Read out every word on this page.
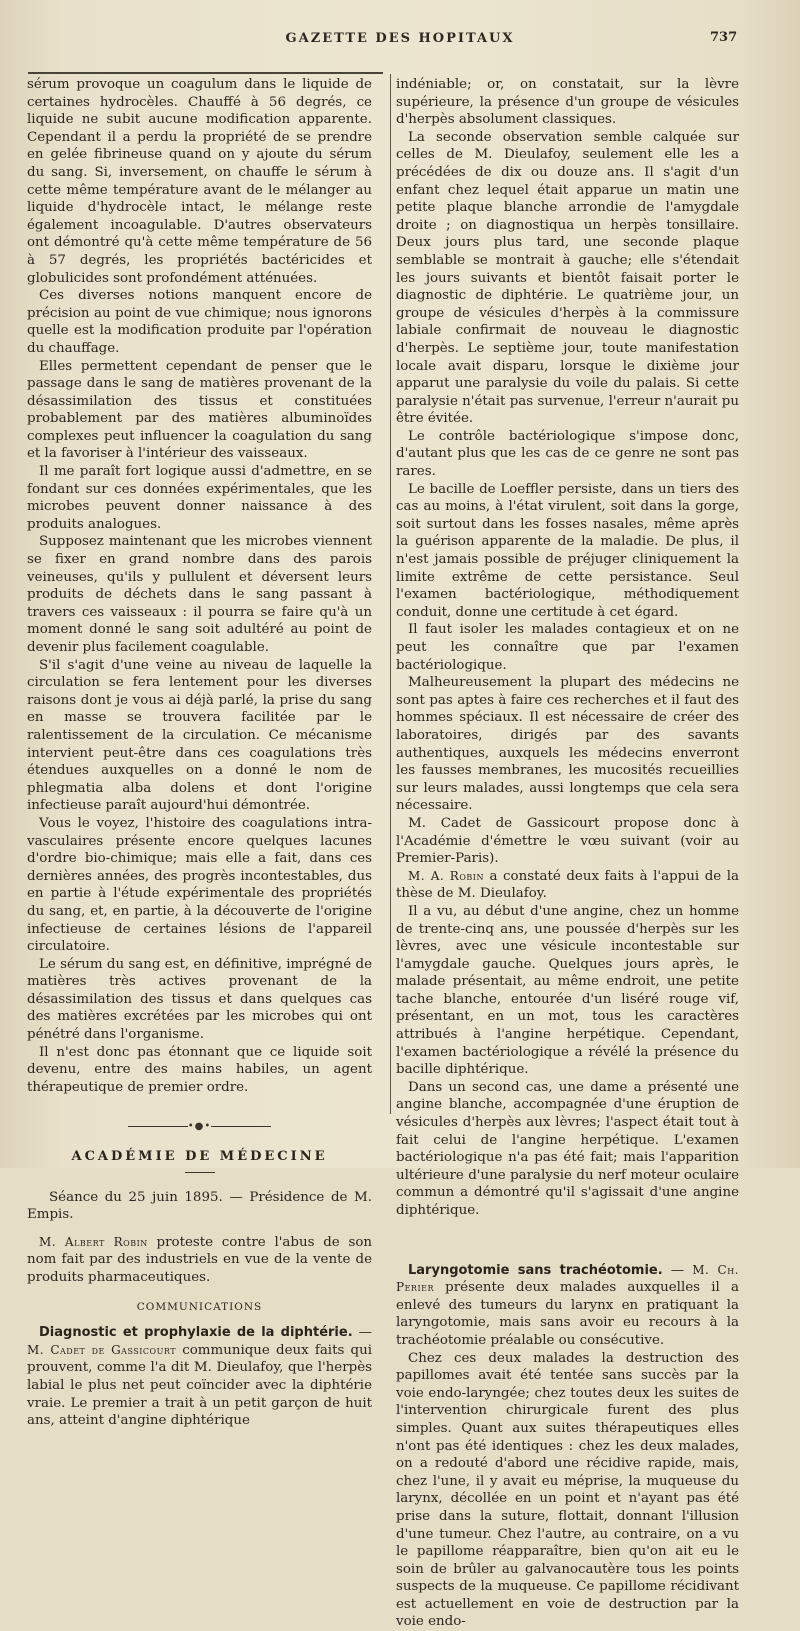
GAZETTE DES HOPITAUX	737

sérum provoque un coagulum dans le liquide de certaines hydrocèles. Chauffé à 56 degrés, ce liquide ne subit aucune modification apparente. Cependant il a perdu la propriété de se prendre en gelée fibrineuse quand on y ajoute du sérum du sang. Si, inversement, on chauffe le sérum à cette même température avant de le mélanger au liquide d'hydrocèle intact, le mélange reste également incoagulable. D'autres observateurs ont démontré qu'à cette même température de 56 à 57 degrés, les propriétés bactéricides et globulicides sont profondément atténuées.

Ces diverses notions manquent encore de précision au point de vue chimique; nous ignorons quelle est la modification produite par l'opération du chauffage.

Elles permettent cependant de penser que le passage dans le sang de matières provenant de la désassimilation des tissus et constituées probablement par des matières albuminoïdes complexes peut influencer la coagulation du sang et la favoriser à l'intérieur des vaisseaux.

Il me paraît fort logique aussi d'admettre, en se fondant sur ces données expérimentales, que les microbes peuvent donner naissance à des produits analogues.

Supposez maintenant que les microbes viennent se fixer en grand nombre dans des parois veineuses, qu'ils y pullulent et déversent leurs produits de déchets dans le sang passant à travers ces vaisseaux : il pourra se faire qu'à un moment donné le sang soit adultéré au point de devenir plus facilement coagulable.

S'il s'agit d'une veine au niveau de laquelle la circulation se fera lentement pour les diverses raisons dont je vous ai déjà parlé, la prise du sang en masse se trouvera facilitée par le ralentissement de la circulation. Ce mécanisme intervient peut-être dans ces coagulations très étendues auxquelles on a donné le nom de phlegmatia alba dolens et dont l'origine infectieuse paraît aujourd'hui démontrée.

Vous le voyez, l'histoire des coagulations intra-vasculaires présente encore quelques lacunes d'ordre bio-chimique; mais elle a fait, dans ces dernières années, des progrès incontestables, dus en partie à l'étude expérimentale des propriétés du sang, et, en partie, à la découverte de l'origine infectieuse de certaines lésions de l'appareil circulatoire.

Le sérum du sang est, en définitive, imprégné de matières très actives provenant de la désassimilation des tissus et dans quelques cas des matières excrétées par les microbes qui ont pénétré dans l'organisme.

Il n'est donc pas étonnant que ce liquide soit devenu, entre des mains habiles, un agent thérapeutique de premier ordre.

•●•
ACADÉMIE DE MÉDECINE

Séance du 25 juin 1895. — Présidence de M. Empis.

M. Albert Robin proteste contre l'abus de son nom fait par des industriels en vue de la vente de produits pharmaceutiques.

COMMUNICATIONS

Diagnostic et prophylaxie de la diphtérie. — M. Cadet de Gassicourt communique deux faits qui prouvent, comme l'a dit M. Dieulafoy, que l'herpès labial le plus net peut coïncider avec la diphtérie vraie. Le premier a trait à un petit garçon de huit ans, atteint d'angine diphtérique

indéniable; or, on constatait, sur la lèvre supérieure, la présence d'un groupe de vésicules d'herpès absolument classiques.

La seconde observation semble calquée sur celles de M. Dieulafoy, seulement elle les a précédées de dix ou douze ans. Il s'agit d'un enfant chez lequel était apparue un matin une petite plaque blanche arrondie de l'amygdale droite ; on diagnostiqua un herpès tonsillaire. Deux jours plus tard, une seconde plaque semblable se montrait à gauche; elle s'étendait les jours suivants et bientôt faisait porter le diagnostic de diphtérie. Le quatrième jour, un groupe de vésicules d'herpès à la commissure labiale confirmait de nouveau le diagnostic d'herpès. Le septième jour, toute manifestation locale avait disparu, lorsque le dixième jour apparut une paralysie du voile du palais. Si cette paralysie n'était pas survenue, l'erreur n'aurait pu être évitée.

Le contrôle bactériologique s'impose donc, d'autant plus que les cas de ce genre ne sont pas rares.

Le bacille de Loeffler persiste, dans un tiers des cas au moins, à l'état virulent, soit dans la gorge, soit surtout dans les fosses nasales, même après la guérison apparente de la maladie. De plus, il n'est jamais possible de préjuger cliniquement la limite extrême de cette persistance. Seul l'examen bactériologique, méthodiquement conduit, donne une certitude à cet égard.

Il faut isoler les malades contagieux et on ne peut les connaître que par l'examen bactériologique.

Malheureusement la plupart des médecins ne sont pas aptes à faire ces recherches et il faut des hommes spéciaux. Il est nécessaire de créer des laboratoires, dirigés par des savants authentiques, auxquels les médecins enverront les fausses membranes, les mucosités recueillies sur leurs malades, aussi longtemps que cela sera nécessaire.

M. Cadet de Gassicourt propose donc à l'Académie d'émettre le vœu suivant (voir au Premier-Paris).

M. A. Robin a constaté deux faits à l'appui de la thèse de M. Dieulafoy.

Il a vu, au début d'une angine, chez un homme de trente-cinq ans, une poussée d'herpès sur les lèvres, avec une vésicule incontestable sur l'amygdale gauche. Quelques jours après, le malade présentait, au même endroit, une petite tache blanche, entourée d'un liséré rouge vif, présentant, en un mot, tous les caractères attribués à l'angine herpétique. Cependant, l'examen bactériologique a révélé la présence du bacille diphtérique.

Dans un second cas, une dame a présenté une angine blanche, accompagnée d'une éruption de vésicules d'herpès aux lèvres; l'aspect était tout à fait celui de l'angine herpétique. L'examen bactériologique n'a pas été fait; mais l'apparition ultérieure d'une paralysie du nerf moteur oculaire commun a démontré qu'il s'agissait d'une angine diphtérique.

Laryngotomie sans trachéotomie. — M. Ch. Perier présente deux malades auxquelles il a enlevé des tumeurs du larynx en pratiquant la laryngotomie, mais sans avoir eu recours à la trachéotomie préalable ou consécutive.

Chez ces deux malades la destruction des papillomes avait été tentée sans succès par la voie endo-laryngée; chez toutes deux les suites de l'intervention chirurgicale furent des plus simples. Quant aux suites thérapeutiques elles n'ont pas été identiques : chez les deux malades, on a redouté d'abord une récidive rapide, mais, chez l'une, il y avait eu méprise, la muqueuse du larynx, décollée en un point et n'ayant pas été prise dans la suture, flottait, donnant l'illusion d'une tumeur. Chez l'autre, au contraire, on a vu le papillome réapparaître, bien qu'on ait eu le soin de brûler au galvanocautère tous les points suspects de la muqueuse. Ce papillome récidivant est actuellement en voie de destruction par la voie endo-
